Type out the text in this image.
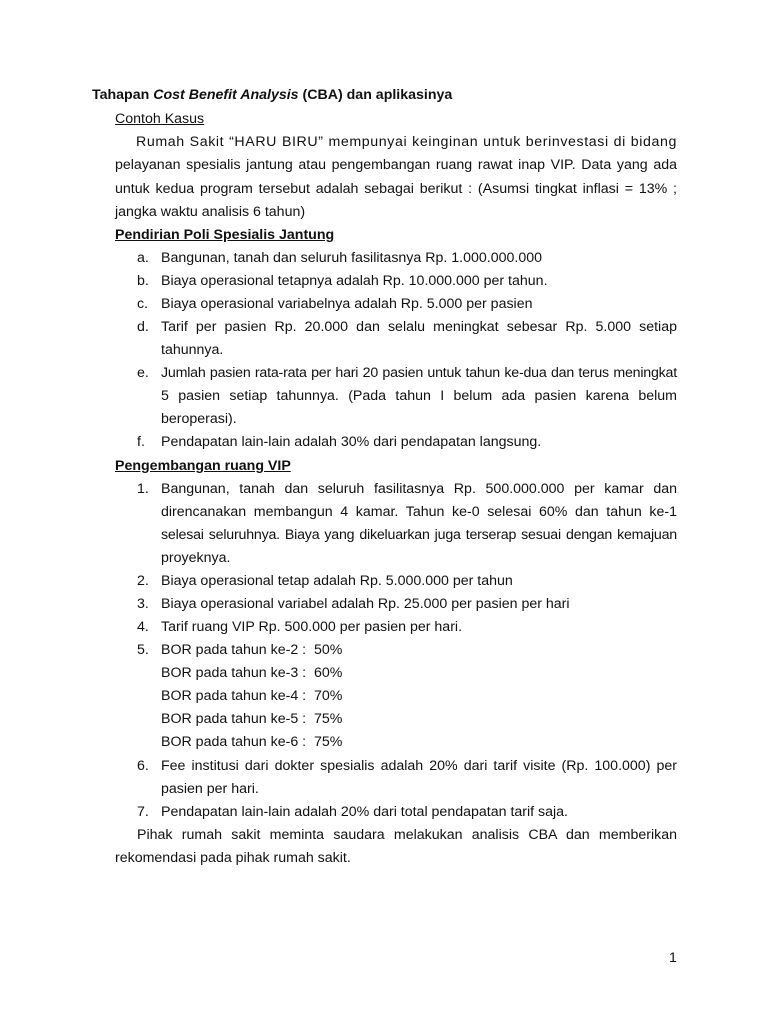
Tahapan Cost Benefit Analysis (CBA) dan aplikasinya
Contoh Kasus
Rumah Sakit “HARU BIRU” mempunyai keinginan untuk berinvestasi di bidang
pelayanan spesialis jantung atau pengembangan ruang rawat inap VIP. Data yang ada
untuk kedua program tersebut adalah sebagai berikut : (Asumsi tingkat inflasi = 13% ;
jangka waktu analisis 6 tahun)
Pendirian Poli Spesialis Jantung
a. Bangunan, tanah dan seluruh fasilitasnya Rp. 1.000.000.000
b. Biaya operasional tetapnya adalah Rp. 10.000.000 per tahun.
c. Biaya operasional variabelnya adalah Rp. 5.000 per pasien
d. Tarif per pasien Rp. 20.000 dan selalu meningkat sebesar Rp. 5.000 setiap
tahunnya.
e. Jumlah pasien rata-rata per hari 20 pasien untuk tahun ke-dua dan terus meningkat
5 pasien setiap tahunnya. (Pada tahun I belum ada pasien karena belum
beroperasi).
f. Pendapatan lain-lain adalah 30% dari pendapatan langsung.
Pengembangan ruang VIP
1. Bangunan, tanah dan seluruh fasilitasnya Rp. 500.000.000 per kamar dan
direncanakan membangun 4 kamar. Tahun ke-0 selesai 60% dan tahun ke-1
selesai seluruhnya. Biaya yang dikeluarkan juga terserap sesuai dengan kemajuan
proyeknya.
2. Biaya operasional tetap adalah Rp. 5.000.000 per tahun
3. Biaya operasional variabel adalah Rp. 25.000 per pasien per hari
4. Tarif ruang VIP Rp. 500.000 per pasien per hari.
5. BOR pada tahun ke-2 :  50%
BOR pada tahun ke-3 :  60%
BOR pada tahun ke-4 :  70%
BOR pada tahun ke-5 :  75%
BOR pada tahun ke-6 :  75%
6. Fee institusi dari dokter spesialis adalah 20% dari tarif visite (Rp. 100.000) per
pasien per hari.
7. Pendapatan lain-lain adalah 20% dari total pendapatan tarif saja.
Pihak rumah sakit meminta saudara melakukan analisis CBA dan memberikan
rekomendasi pada pihak rumah sakit.
1
